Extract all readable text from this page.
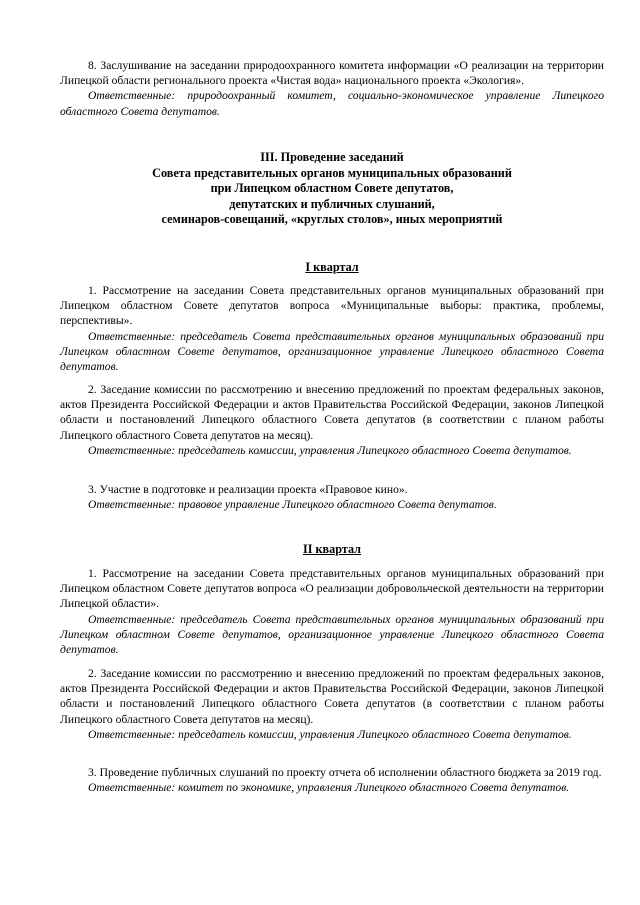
8. Заслушивание на заседании природоохранного комитета информации «О реализации на территории Липецкой области регионального проекта «Чистая вода» национального проекта «Экология».

Ответственные: природоохранный комитет, социально-экономическое управление Липецкого областного Совета депутатов.

III. Проведение заседаний
Совета представительных органов муниципальных образований
при Липецком областном Совете депутатов,
депутатских и публичных слушаний,
семинаров-совещаний, «круглых столов», иных мероприятий
I квартал

1. Рассмотрение на заседании Совета представительных органов муниципальных образований при Липецком областном Совете депутатов вопроса «Муниципальные выборы: практика, проблемы, перспективы».

Ответственные: председатель Совета представительных органов муниципальных образований при Липецком областном Совете депутатов, организационное управление Липецкого областного Совета депутатов.

2. Заседание комиссии по рассмотрению и внесению предложений по проектам федеральных законов, актов Президента Российской Федерации и актов Правительства Российской Федерации, законов Липецкой области и постановлений Липецкого областного Совета депутатов (в соответствии с планом работы Липецкого областного Совета депутатов на месяц).

Ответственные: председатель комиссии, управления Липецкого областного Совета депутатов.

3. Участие в подготовке и реализации проекта «Правовое кино».

Ответственные: правовое управление Липецкого областного Совета депутатов.

II квартал

1. Рассмотрение на заседании Совета представительных органов муниципальных образований при Липецком областном Совете депутатов вопроса «О реализации добровольческой деятельности на территории Липецкой области».

Ответственные: председатель Совета представительных органов муниципальных образований при Липецком областном Совете депутатов, организационное управление Липецкого областного Совета депутатов.

2. Заседание комиссии по рассмотрению и внесению предложений по проектам федеральных законов, актов Президента Российской Федерации и актов Правительства Российской Федерации, законов Липецкой области и постановлений Липецкого областного Совета депутатов (в соответствии с планом работы Липецкого областного Совета депутатов на месяц).

Ответственные: председатель комиссии, управления Липецкого областного Совета депутатов.

3. Проведение публичных слушаний по проекту отчета об исполнении областного бюджета за 2019 год.

Ответственные: комитет по экономике, управления Липецкого областного Совета депутатов.
